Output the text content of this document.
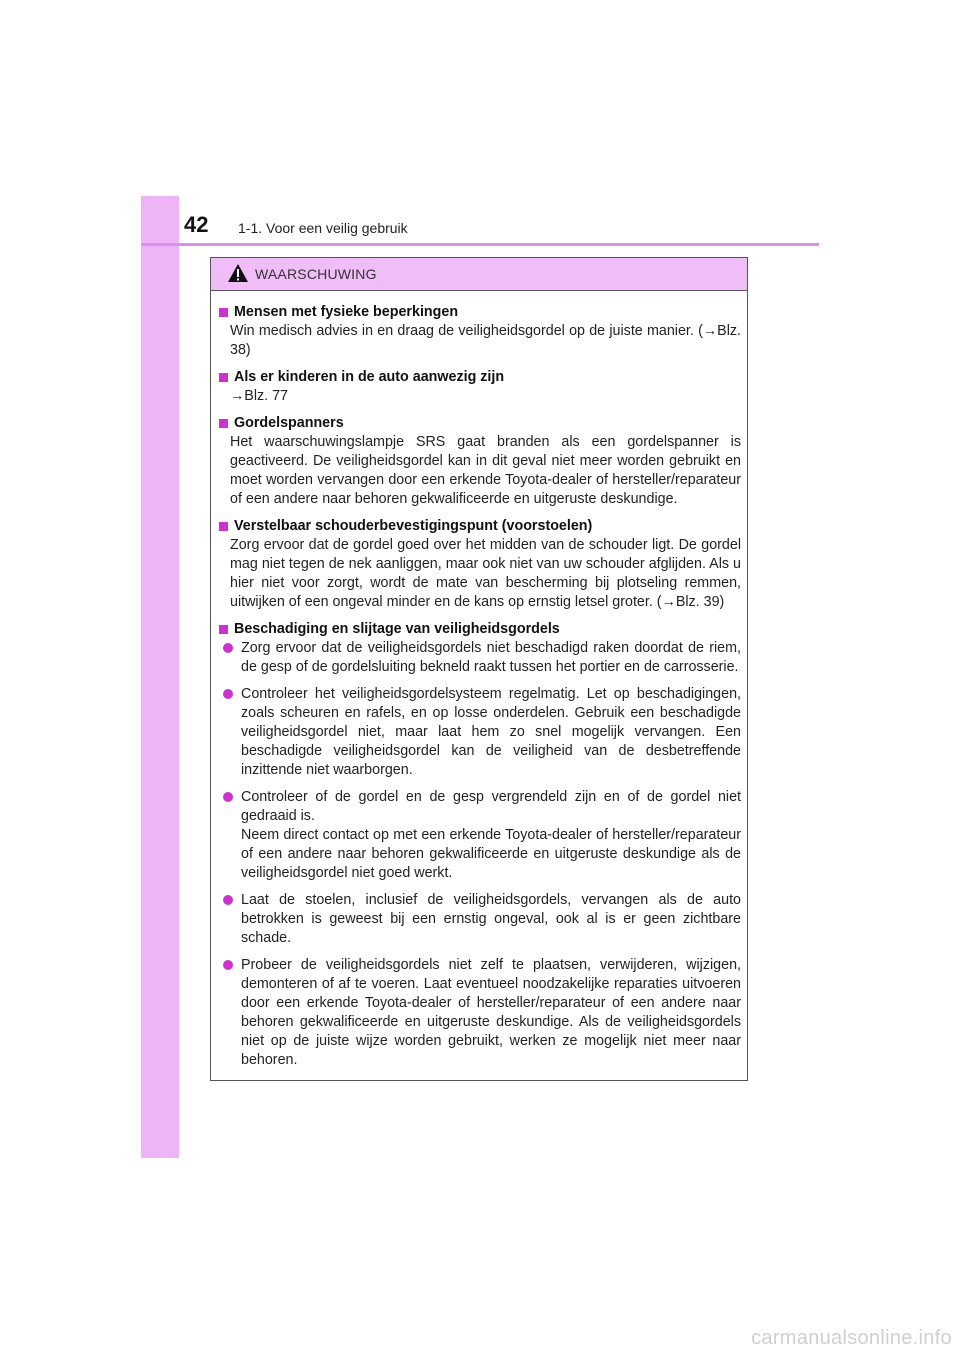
42 1-1. Voor een veilig gebruik
WAARSCHUWING
Mensen met fysieke beperkingen
Win medisch advies in en draag de veiligheidsgordel op de juiste manier. (→Blz. 38)
Als er kinderen in de auto aanwezig zijn
→Blz. 77
Gordelspanners
Het waarschuwingslampje SRS gaat branden als een gordelspanner is geactiveerd. De veiligheidsgordel kan in dit geval niet meer worden gebruikt en moet worden vervangen door een erkende Toyota-dealer of hersteller/reparateur of een andere naar behoren gekwalificeerde en uitgeruste deskundige.
Verstelbaar schouderbevestigingspunt (voorstoelen)
Zorg ervoor dat de gordel goed over het midden van de schouder ligt. De gordel mag niet tegen de nek aanliggen, maar ook niet van uw schouder afglijden. Als u hier niet voor zorgt, wordt de mate van bescherming bij plotseling remmen, uitwijken of een ongeval minder en de kans op ernstig letsel groter. (→Blz. 39)
Beschadiging en slijtage van veiligheidsgordels
Zorg ervoor dat de veiligheidsgordels niet beschadigd raken doordat de riem, de gesp of de gordelsluiting bekneld raakt tussen het portier en de carrosserie.
Controleer het veiligheidsgordelsysteem regelmatig. Let op beschadigingen, zoals scheuren en rafels, en op losse onderdelen. Gebruik een beschadigde veiligheidsgordel niet, maar laat hem zo snel mogelijk vervangen. Een beschadigde veiligheidsgordel kan de veiligheid van de desbetreffende inzittende niet waarborgen.
Controleer of de gordel en de gesp vergrendeld zijn en of de gordel niet gedraaid is.
Neem direct contact op met een erkende Toyota-dealer of hersteller/reparateur of een andere naar behoren gekwalificeerde en uitgeruste deskundige als de veiligheidsgordel niet goed werkt.
Laat de stoelen, inclusief de veiligheidsgordels, vervangen als de auto betrokken is geweest bij een ernstig ongeval, ook al is er geen zichtbare schade.
Probeer de veiligheidsgordels niet zelf te plaatsen, verwijderen, wijzigen, demonteren of af te voeren. Laat eventueel noodzakelijke reparaties uitvoeren door een erkende Toyota-dealer of hersteller/reparateur of een andere naar behoren gekwalificeerde en uitgeruste deskundige. Als de veiligheidsgordels niet op de juiste wijze worden gebruikt, werken ze mogelijk niet meer naar behoren.
carmanualsonline.info
